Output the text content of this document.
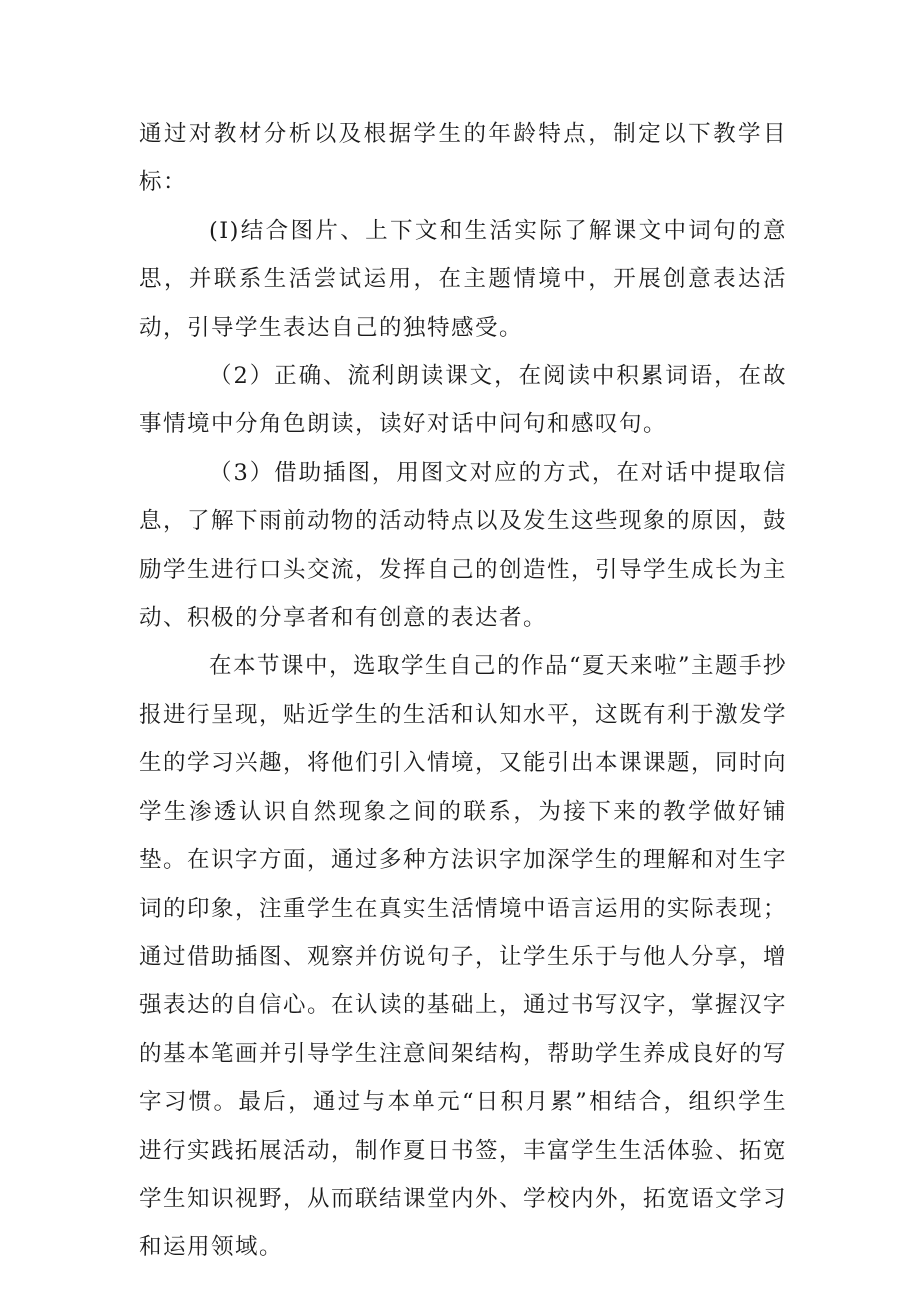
通过对教材分析以及根据学生的年龄特点，制定以下教学目标：

(I)结合图片、上下文和生活实际了解课文中词句的意思，并联系生活尝试运用，在主题情境中，开展创意表达活动，引导学生表达自己的独特感受。

（2）正确、流利朗读课文，在阅读中积累词语，在故事情境中分角色朗读，读好对话中问句和感叹句。

（3）借助插图，用图文对应的方式，在对话中提取信息，了解下雨前动物的活动特点以及发生这些现象的原因，鼓励学生进行口头交流，发挥自己的创造性，引导学生成长为主动、积极的分享者和有创意的表达者。

在本节课中，选取学生自己的作品“夏天来啦”主题手抄报进行呈现，贴近学生的生活和认知水平，这既有利于激发学生的学习兴趣，将他们引入情境，又能引出本课课题，同时向学生渗透认识自然现象之间的联系，为接下来的教学做好铺垫。在识字方面，通过多种方法识字加深学生的理解和对生字词的印象，注重学生在真实生活情境中语言运用的实际表现；通过借助插图、观察并仿说句子，让学生乐于与他人分享，增强表达的自信心。在认读的基础上，通过书写汉字，掌握汉字的基本笔画并引导学生注意间架结构，帮助学生养成良好的写字习惯。最后，通过与本单元“日积月累”相结合，组织学生进行实践拓展活动，制作夏日书签，丰富学生生活体验、拓宽学生知识视野，从而联结课堂内外、学校内外，拓宽语文学习和运用领域。
